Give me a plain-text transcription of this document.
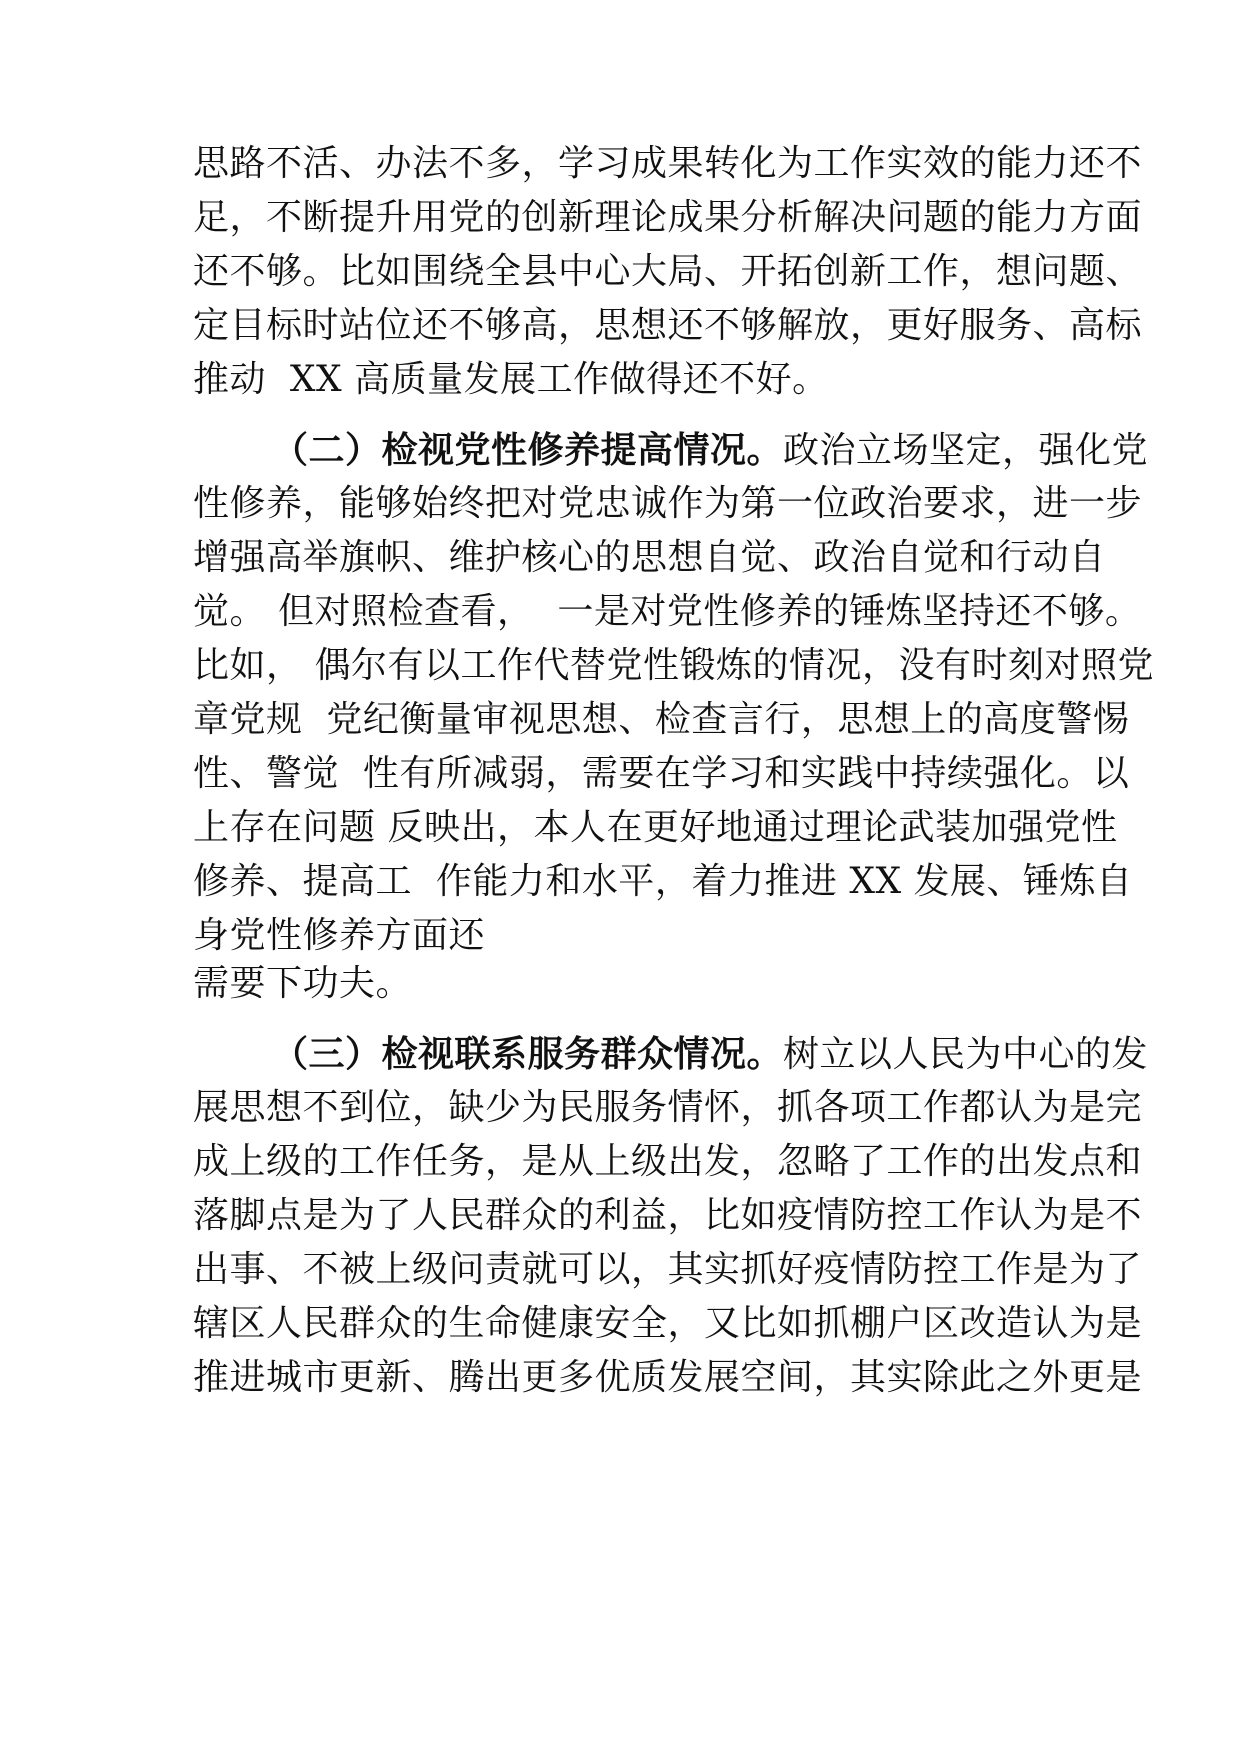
思路不活、办法不多，学习成果转化为工作实效的能力还不
足，不断提升用党的创新理论成果分析解决问题的能力方面
还不够。比如围绕全县中心大局、开拓创新工作，想问题、
定目标时站位还不够高，思想还不够解放，更好服务、高标
推动  XX 高质量发展工作做得还不好。
（二）检视党性修养提高情况。政治立场坚定，强化党
性修养，能够始终把对党忠诚作为第一位政治要求，进一步
增强高举旗帜、维护核心的思想自觉、政治自觉和行动自
觉。 但对照检查看，  一是对党性修养的锤炼坚持还不够。
比如， 偶尔有以工作代替党性锻炼的情况，没有时刻对照党
章党规  党纪衡量审视思想、检查言行，思想上的高度警惕
性、警觉  性有所减弱，需要在学习和实践中持续强化。以
上存在问题 反映出，本人在更好地通过理论武装加强党性
修养、提高工  作能力和水平，着力推进 XX 发展、锤炼自
身党性修养方面还
需要下功夫。
（三）检视联系服务群众情况。树立以人民为中心的发
展思想不到位，缺少为民服务情怀，抓各项工作都认为是完
成上级的工作任务，是从上级出发，忽略了工作的出发点和
落脚点是为了人民群众的利益，比如疫情防控工作认为是不
出事、不被上级问责就可以，其实抓好疫情防控工作是为了
辖区人民群众的生命健康安全，又比如抓棚户区改造认为是
推进城市更新、腾出更多优质发展空间，其实除此之外更是
